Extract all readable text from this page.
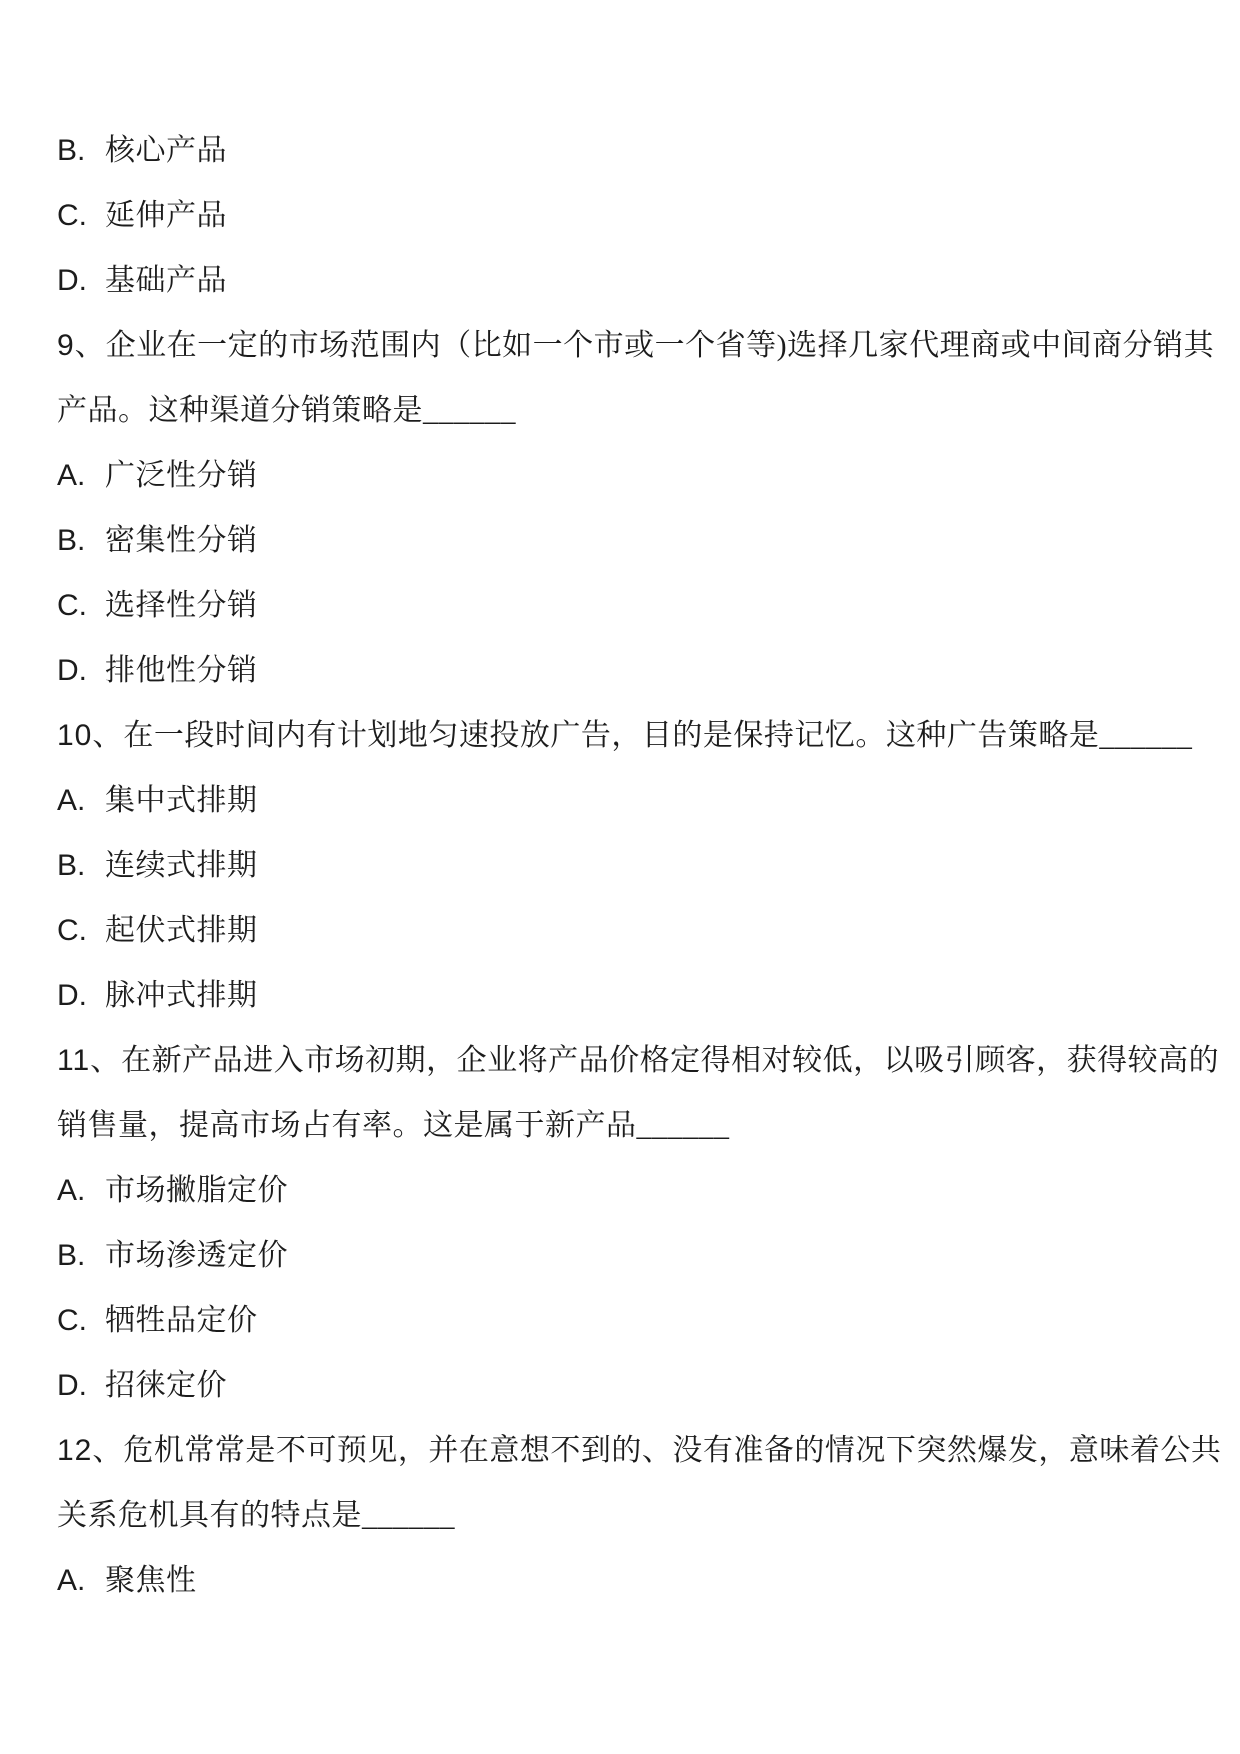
B. 核心产品
C. 延伸产品
D. 基础产品
9、 企业在一定的市场范围内（比如一个市或一个省等)选择几家代理商或中间商分销其
产品。这种渠道分销策略是______
A. 广泛性分销
B. 密集性分销
C. 选择性分销
D. 排他性分销
10、 在一段时间内有计划地匀速投放广告，目的是保持记忆。这种广告策略是______
A. 集中式排期
B. 连续式排期
C. 起伏式排期
D. 脉冲式排期
11、 在新产品进入市场初期，企业将产品价格定得相对较低，以吸引顾客，获得较高的
销售量，提高市场占有率。这是属于新产品______
A. 市场撇脂定价
B. 市场渗透定价
C. 牺牲品定价
D. 招徕定价
12、 危机常常是不可预见，并在意想不到的、没有准备的情况下突然爆发，意味着公共
关系危机具有的特点是______
A. 聚焦性
